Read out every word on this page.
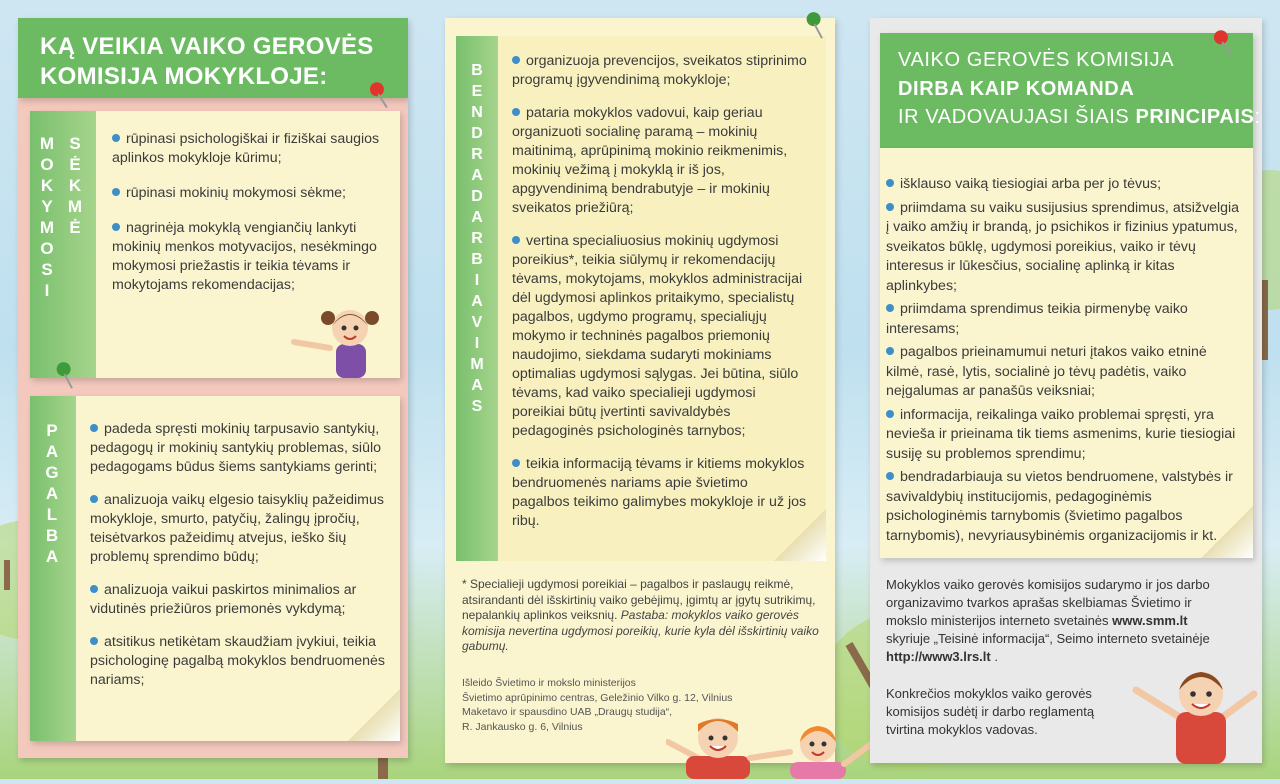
KĄ VEIKIA VAIKO GEROVĖS
KOMISIJA MOKYKLOJE:
M
O
K
Y
M
O
S
I
S
Ė
K
M
Ė
rūpinasi psichologiškai ir fiziškai saugios aplinkos mokykloje kūrimu;
rūpinasi mokinių mokymosi sėkme;
nagrinėja mokyklą vengiančių lankyti mokinių menkos motyvacijos, nesėkmingo mokymosi priežastis ir teikia tėvams ir mokytojams rekomendacijas;
P
A
G
A
L
B
A
padeda spręsti mokinių tarpusavio santykių, pedagogų ir mokinių santykių problemas, siūlo pedagogams būdus šiems santykiams gerinti;
analizuoja vaikų elgesio taisyklių pažeidimus mokykloje, smurto, patyčių, žalingų įpročių, teisėtvarkos pažeidimų atvejus, ieško šių problemų sprendimo būdų;
analizuoja vaikui paskirtos minimalios ar vidutinės priežiūros priemonės vykdymą;
atsitikus netikėtam skaudžiam įvykiui, teikia psichologinę pagalbą mokyklos bendruomenės nariams;
B
E
N
D
R
A
D
A
R
B
I
A
V
I
M
A
S
organizuoja prevencijos, sveikatos stiprinimo programų įgyvendinimą mokykloje;
pataria mokyklos vadovui, kaip geriau organizuoti socialinę paramą – mokinių maitinimą, aprūpinimą mokinio reikmenimis, mokinių vežimą į mokyklą ir iš jos, apgyvendinimą bendrabutyje – ir mokinių sveikatos priežiūrą;
vertina specialiuosius mokinių ugdymosi poreikius*, teikia siūlymų ir rekomendacijų tėvams, mokytojams, mokyklos administracijai dėl ugdymosi aplinkos pritaikymo, specialistų pagalbos, ugdymo programų, specialiųjų mokymo ir techninės pagalbos priemonių naudojimo, siekdama sudaryti mokiniams optimalias ugdymosi sąlygas. Jei būtina, siūlo tėvams, kad vaiko specialieji ugdymosi poreikiai būtų įvertinti savivaldybės pedagoginės psichologinės tarnybos;
teikia informaciją tėvams ir kitiems mokyklos bendruomenės nariams apie švietimo pagalbos teikimo galimybes mokykloje ir už jos ribų.
* Specialieji ugdymosi poreikiai – pagalbos ir paslaugų reikmė, atsirandanti dėl išskirtinių vaiko gebėjimų, įgimtų ar įgytų sutrikimų, nepalankių aplinkos veiksnių. Pastaba: mokyklos vaiko gerovės komisija nevertina ugdymosi poreikių, kurie kyla dėl išskirtinių vaiko gabumų.
Išleido Švietimo ir mokslo ministerijos
Švietimo aprūpinimo centras, Geležinio Vilko g. 12, Vilnius
Maketavo ir spausdino UAB „Draugų studija“,
R. Jankausko g. 6, Vilnius
VAIKO GEROVĖS KOMISIJA
DIRBA KAIP KOMANDA
IR VADOVAUJASI ŠIAIS PRINCIPAIS:
išklauso vaiką tiesiogiai arba per jo tėvus;
priimdama su vaiku susijusius sprendimus, atsižvelgia į vaiko amžių ir brandą, jo psichikos ir fizinius ypatumus, sveikatos būklę, ugdymosi poreikius, vaiko ir tėvų interesus ir lūkesčius, socialinę aplinką ir kitas aplinkybes;
priimdama sprendimus teikia pirmenybę vaiko interesams;
pagalbos prieinamumui neturi įtakos vaiko etninė kilmė, rasė, lytis, socialinė jo tėvų padėtis, vaiko neįgalumas ar panašūs veiksniai;
informacija, reikalinga vaiko problemai spręsti, yra nevieša ir prieinama tik tiems asmenims, kurie tiesiogiai susiję su problemos sprendimu;
bendradarbiauja su vietos bendruomene, valstybės ir savivaldybių institucijomis, pedagoginėmis psichologinėmis tarnybomis (švietimo pagalbos tarnybomis), nevyriausybinėmis organizacijomis ir kt.
Mokyklos vaiko gerovės komisijos sudarymo ir jos darbo organizavimo tvarkos aprašas skelbiamas Švietimo ir mokslo ministerijos interneto svetainės www.smm.lt skyriuje „Teisinė informacija“, Seimo interneto svetainėje http://www3.lrs.lt .
Konkrečios mokyklos vaiko gerovės komisijos sudėtį ir darbo reglamentą tvirtina mokyklos vadovas.
